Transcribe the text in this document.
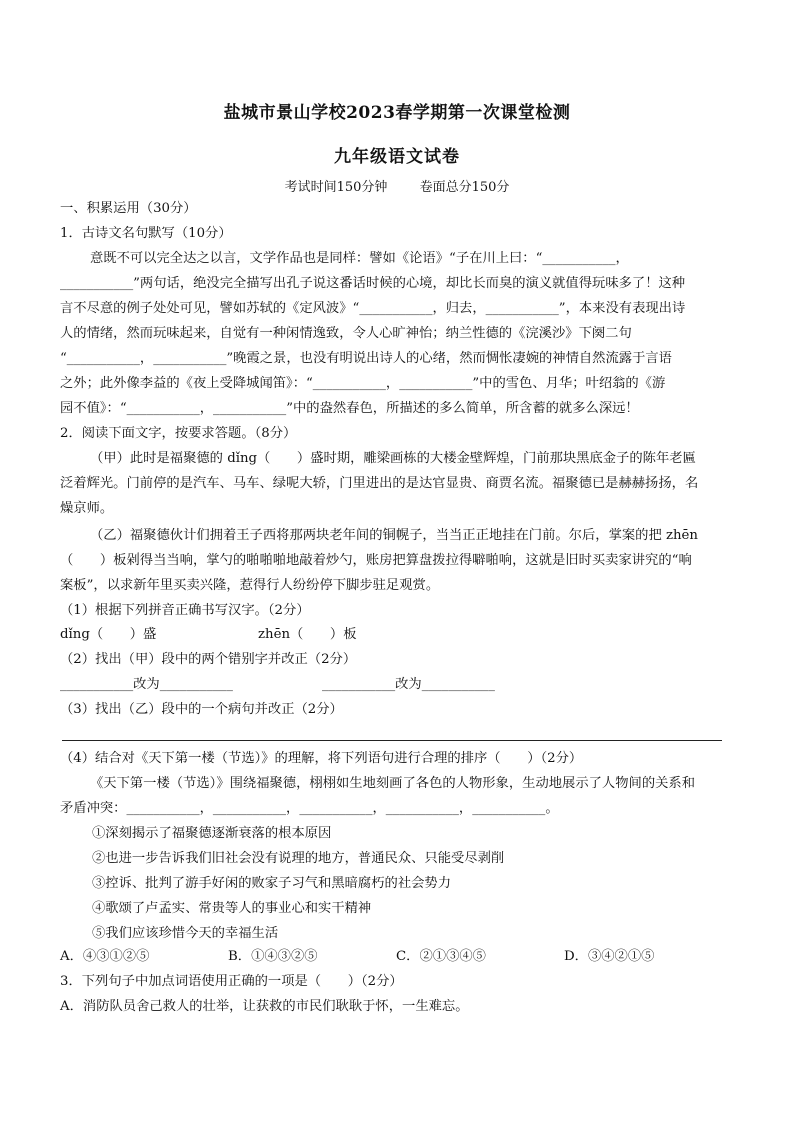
盐城市景山学校2023春学期第一次课堂检测
九年级语文试卷
考试时间150分钟 卷面总分150分
一、积累运用（30分）
1．古诗文名句默写（10分）
意既不可以完全达之以言，文学作品也是同样：譬如《论语》“子在川上曰：“___________，
___________”两句话，绝没完全描写出孔子说这番话时候的心境，却比长而臭的演义就值得玩味多了！这种
言不尽意的例子处处可见，譬如苏轼的《定风波》“___________，归去，___________”，本来没有表现出诗
人的情绪，然而玩味起来，自觉有一种闲情逸致，令人心旷神怡；纳兰性德的《浣溪沙》下阕二句
“___________，___________”晚霞之景，也没有明说出诗人的心绪，然而惆怅凄婉的神情自然流露于言语
之外；此外像李益的《夜上受降城闻笛》：“___________，___________”中的雪色、月华；叶绍翁的《游
园不值》：“___________，___________”中的盎然春色，所描述的多么简单，所含蓄的就多么深远！
2．阅读下面文字，按要求答题。（8分）
（甲）此时是福聚德的 dǐng（　　）盛时期，雕梁画栋的大楼金壁辉煌，门前那块黑底金子的陈年老匾
泛着辉光。门前停的是汽车、马车、绿呢大轿，门里进出的是达官显贵、商贾名流。福聚德已是赫赫扬扬，名
燥京师。
（乙）福聚德伙计们拥着王子西将那两块老年间的铜幌子，当当正正地挂在门前。尔后，掌案的把 zhēn
（　　）板剁得当当响，掌勺的啪啪啪地敲着炒勺，账房把算盘拨拉得噼啪响，这就是旧时买卖家讲究的“响
案板”，以求新年里买卖兴隆，惹得行人纷纷停下脚步驻足观赏。
（1）根据下列拼音正确书写汉字。（2分）
dǐng（　　）盛	zhēn（　　）板
（2）找出（甲）段中的两个错别字并改正（2分）
___________改为___________	___________改为___________
（3）找出（乙）段中的一个病句并改正（2分）
（4）结合对《天下第一楼（节选）》的理解，将下列语句进行合理的排序（　　）（2分）
《天下第一楼（节选）》围绕福聚德，栩栩如生地刻画了各色的人物形象，生动地展示了人物间的关系和
矛盾冲突：___________，___________，___________，___________，___________。
①深刻揭示了福聚德逐渐衰落的根本原因
②也进一步告诉我们旧社会没有说理的地方，普通民众、只能受尽剥削
③控诉、批判了游手好闲的败家子习气和黑暗腐朽的社会势力
④歌颂了卢孟实、常贵等人的事业心和实干精神
⑤我们应该珍惜今天的幸福生活
A．④③①②⑤	B．①④③②⑤	C．②①③④⑤	D．③④②①⑤
3．下列句子中加点词语使用正确的一项是（　　）（2分）
A．消防队员舍己救人的壮举，让获救的市民们耿耿于怀，一生难忘。
